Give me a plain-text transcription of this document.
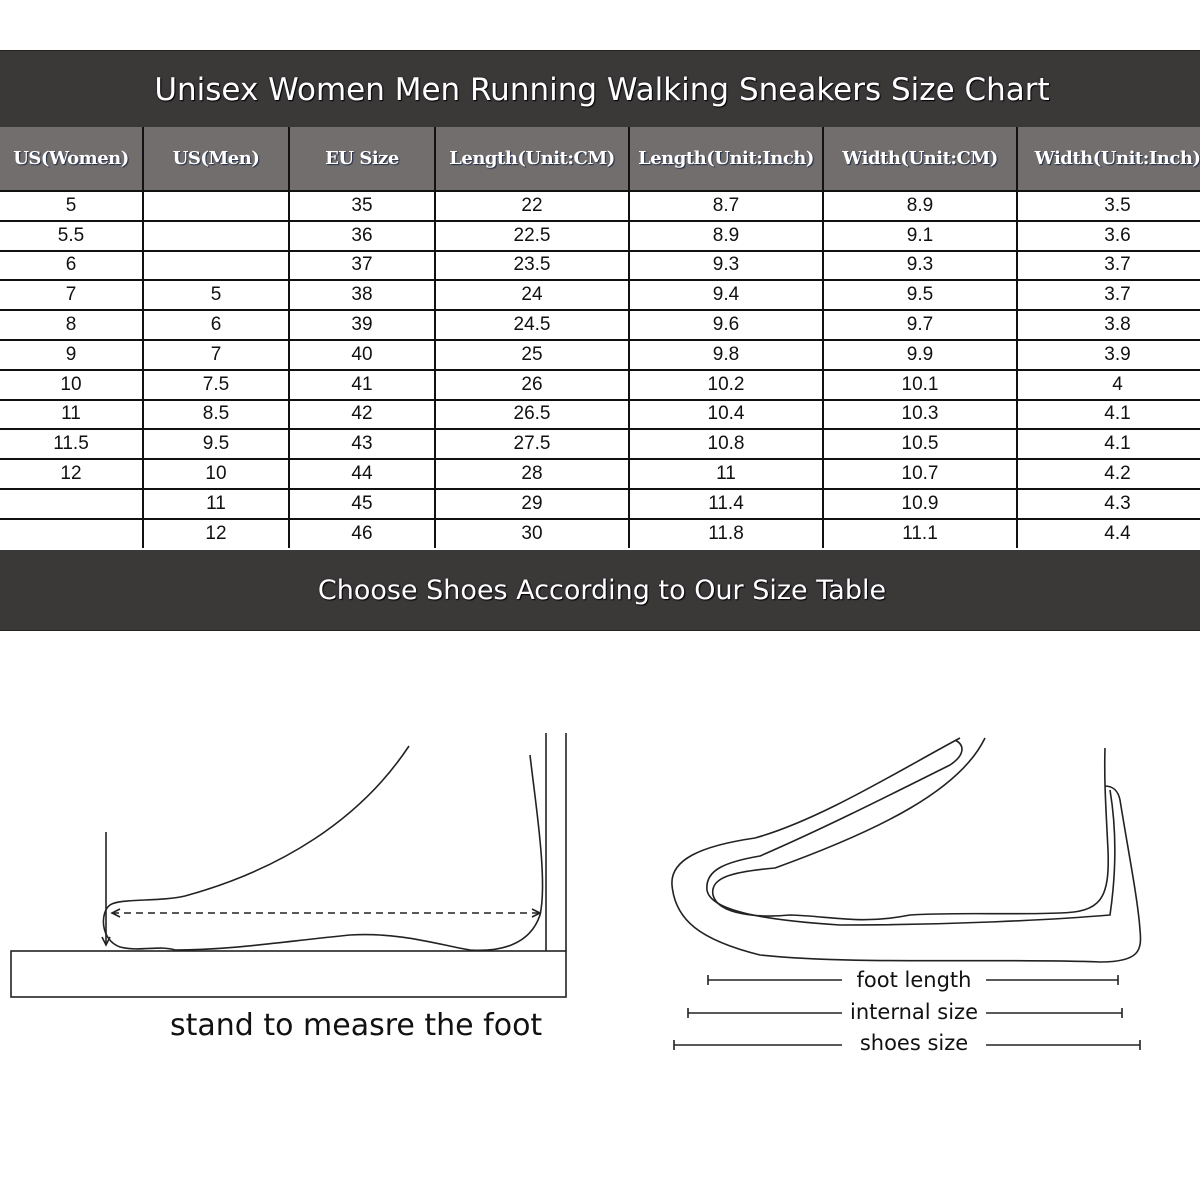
Unisex Women Men Running Walking Sneakers Size Chart
US(Women)	US(Men)	EU Size	Length(Unit:CM)	Length(Unit:Inch)	Width(Unit:CM)	Width(Unit:Inch)
5		35	22	8.7	8.9	3.5
5.5		36	22.5	8.9	9.1	3.6
6		37	23.5	9.3	9.3	3.7
7	5	38	24	9.4	9.5	3.7
8	6	39	24.5	9.6	9.7	3.8
9	7	40	25	9.8	9.9	3.9
10	7.5	41	26	10.2	10.1	4
11	8.5	42	26.5	10.4	10.3	4.1
11.5	9.5	43	27.5	10.8	10.5	4.1
12	10	44	28	11	10.7	4.2
	11	45	29	11.4	10.9	4.3
	12	46	30	11.8	11.1	4.4
Choose Shoes According to Our Size Table
stand to measre the foot
foot length
internal size
shoes size
